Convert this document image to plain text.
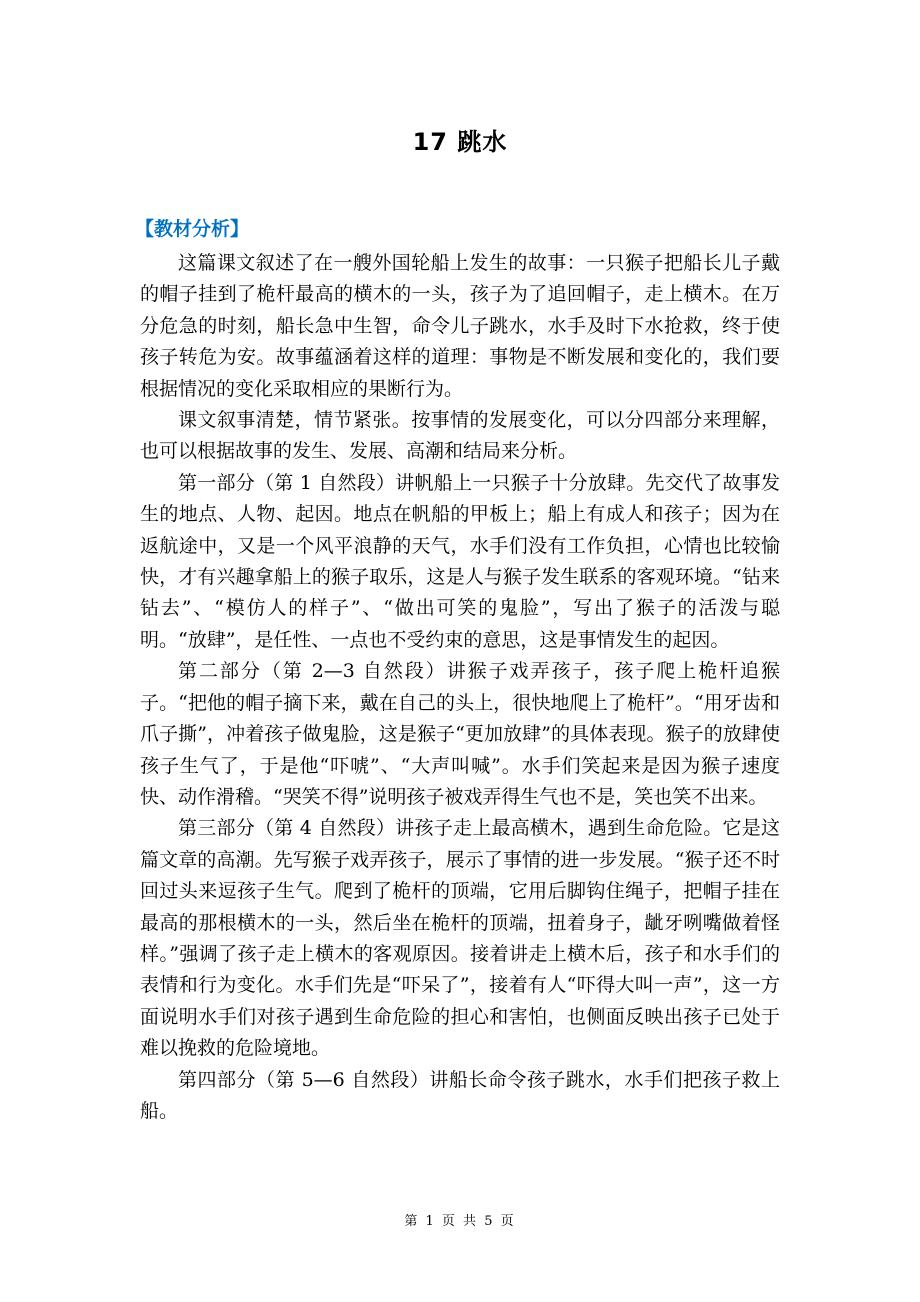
17 跳水
【教材分析】

这篇课文叙述了在一艘外国轮船上发生的故事：一只猴子把船长儿子戴的帽子挂到了桅杆最高的横木的一头，孩子为了追回帽子，走上横木。在万分危急的时刻，船长急中生智，命令儿子跳水，水手及时下水抢救，终于使孩子转危为安。故事蕴涵着这样的道理：事物是不断发展和变化的，我们要根据情况的变化采取相应的果断行为。

课文叙事清楚，情节紧张。按事情的发展变化，可以分四部分来理解，也可以根据故事的发生、发展、高潮和结局来分析。

第一部分（第 1 自然段）讲帆船上一只猴子十分放肆。先交代了故事发生的地点、人物、起因。地点在帆船的甲板上；船上有成人和孩子；因为在返航途中，又是一个风平浪静的天气，水手们没有工作负担，心情也比较愉快，才有兴趣拿船上的猴子取乐，这是人与猴子发生联系的客观环境。“钻来钻去”、“模仿人的样子”、“做出可笑的鬼脸”，写出了猴子的活泼与聪明。“放肆”，是任性、一点也不受约束的意思，这是事情发生的起因。

第二部分（第 2—3 自然段）讲猴子戏弄孩子，孩子爬上桅杆追猴子。“把他的帽子摘下来，戴在自己的头上，很快地爬上了桅杆”。“用牙齿和爪子撕”，冲着孩子做鬼脸，这是猴子“更加放肆”的具体表现。猴子的放肆使孩子生气了，于是他“吓唬”、“大声叫喊”。水手们笑起来是因为猴子速度快、动作滑稽。“哭笑不得”说明孩子被戏弄得生气也不是，笑也笑不出来。

第三部分（第 4 自然段）讲孩子走上最高横木，遇到生命危险。它是这篇文章的高潮。先写猴子戏弄孩子，展示了事情的进一步发展。“猴子还不时回过头来逗孩子生气。爬到了桅杆的顶端，它用后脚钩住绳子，把帽子挂在最高的那根横木的一头，然后坐在桅杆的顶端，扭着身子，龇牙咧嘴做着怪样。”强调了孩子走上横木的客观原因。接着讲走上横木后，孩子和水手们的表情和行为变化。水手们先是“吓呆了”，接着有人“吓得大叫一声”，这一方面说明水手们对孩子遇到生命危险的担心和害怕，也侧面反映出孩子已处于难以挽救的危险境地。

第四部分（第 5—6 自然段）讲船长命令孩子跳水，水手们把孩子救上船。

第 1 页 共 5 页
